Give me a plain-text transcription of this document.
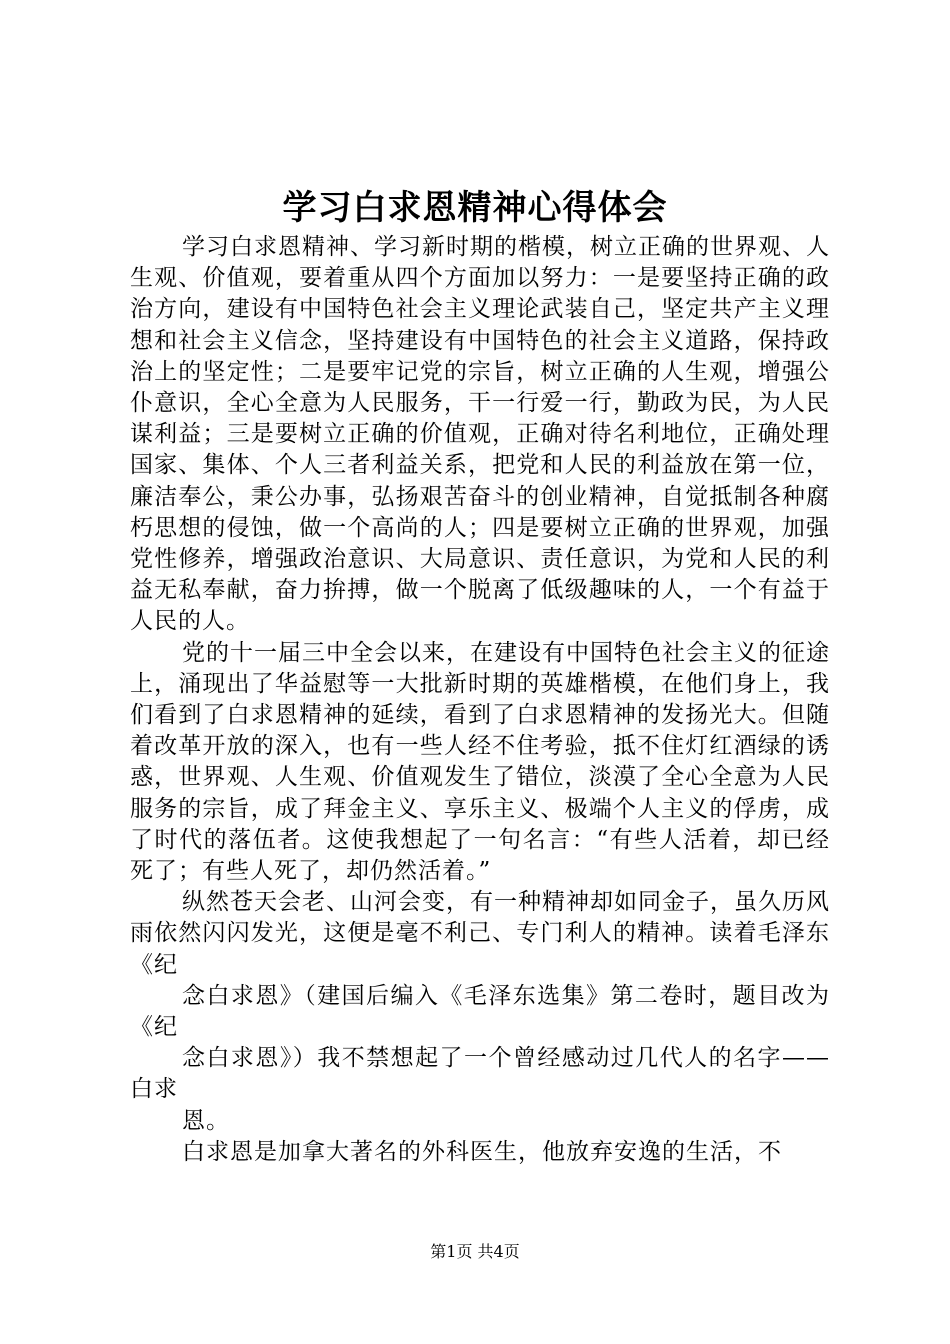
学习白求恩精神心得体会

学习白求恩精神、学习新时期的楷模，树立正确的世界观、人生观、价值观，要着重从四个方面加以努力：一是要坚持正确的政治方向，建设有中国特色社会主义理论武装自己，坚定共产主义理想和社会主义信念，坚持建设有中国特色的社会主义道路，保持政治上的坚定性；二是要牢记党的宗旨，树立正确的人生观，增强公仆意识，全心全意为人民服务，干一行爱一行，勤政为民，为人民谋利益；三是要树立正确的价值观，正确对待名利地位，正确处理国家、集体、个人三者利益关系，把党和人民的利益放在第一位，廉洁奉公，秉公办事，弘扬艰苦奋斗的创业精神，自觉抵制各种腐朽思想的侵蚀，做一个高尚的人；四是要树立正确的世界观，加强党性修养，增强政治意识、大局意识、责任意识，为党和人民的利益无私奉献，奋力拚搏，做一个脱离了低级趣味的人，一个有益于人民的人。

党的十一届三中全会以来，在建设有中国特色社会主义的征途上，涌现出了华益慰等一大批新时期的英雄楷模，在他们身上，我们看到了白求恩精神的延续，看到了白求恩精神的发扬光大。但随着改革开放的深入，也有一些人经不住考验，抵不住灯红酒绿的诱惑，世界观、人生观、价值观发生了错位，淡漠了全心全意为人民服务的宗旨，成了拜金主义、享乐主义、极端个人主义的俘虏，成了时代的落伍者。这使我想起了一句名言：“有些人活着，却已经死了；有些人死了，却仍然活着。”

纵然苍天会老、山河会变，有一种精神却如同金子，虽久历风雨依然闪闪发光，这便是毫不利己、专门利人的精神。读着毛泽东《纪

念白求恩》（建国后编入《毛泽东选集》第二卷时，题目改为《纪

念白求恩》）我不禁想起了一个曾经感动过几代人的名字——白求

恩。

白求恩是加拿大著名的外科医生，他放弃安逸的生活，不

第1页 共4页
